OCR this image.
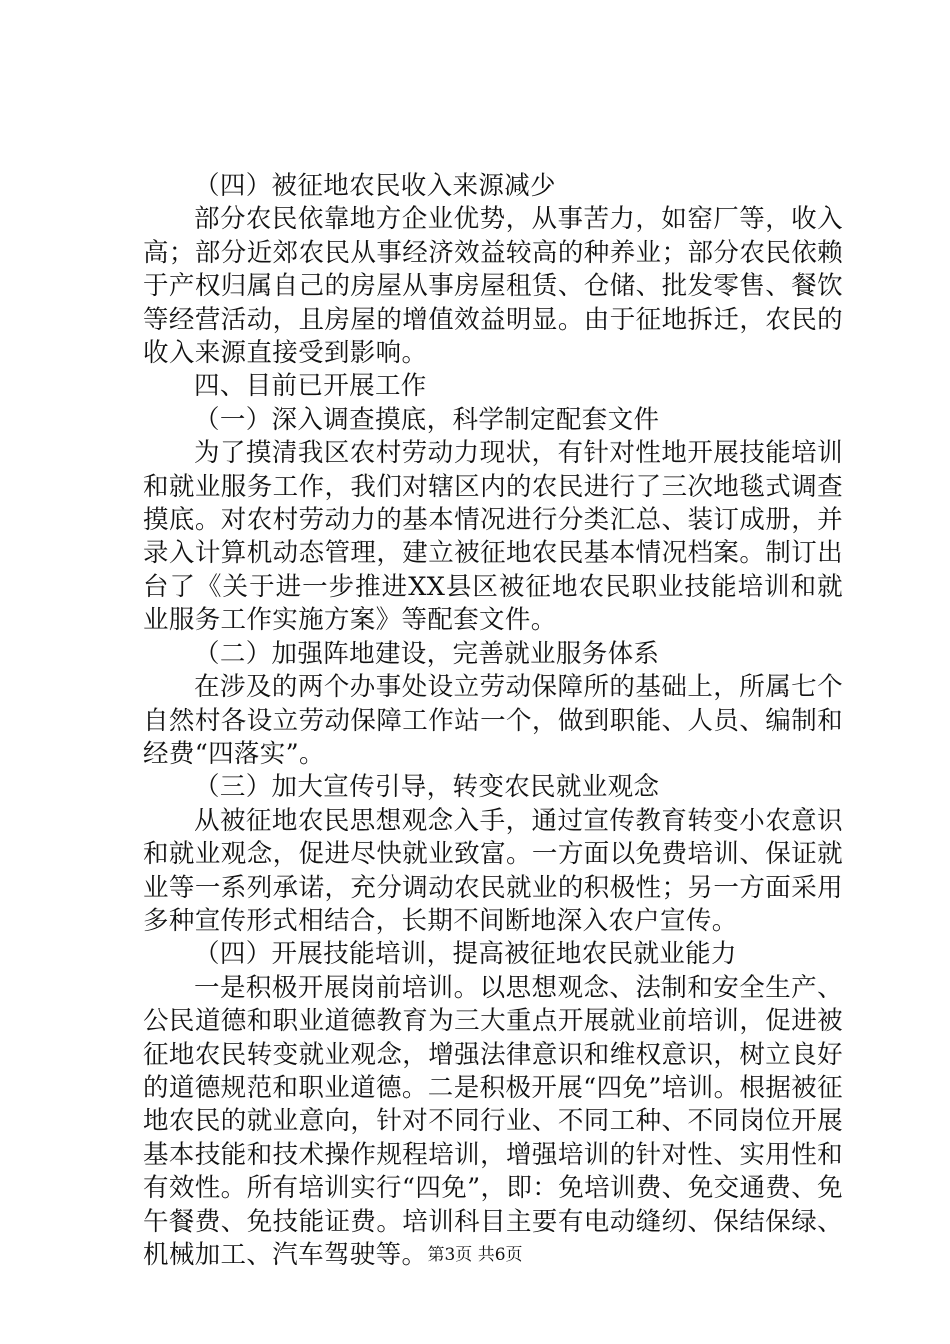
（四）被征地农民收入来源减少

部分农民依靠地方企业优势，从事苦力，如窑厂等，收入高；部分近郊农民从事经济效益较高的种养业；部分农民依赖于产权归属自己的房屋从事房屋租赁、仓储、批发零售、餐饮等经营活动，且房屋的增值效益明显。由于征地拆迁，农民的收入来源直接受到影响。

四、目前已开展工作

（一）深入调查摸底，科学制定配套文件

为了摸清我区农村劳动力现状，有针对性地开展技能培训和就业服务工作，我们对辖区内的农民进行了三次地毯式调查摸底。对农村劳动力的基本情况进行分类汇总、装订成册，并录入计算机动态管理，建立被征地农民基本情况档案。制订出台了《关于进一步推进XX县区被征地农民职业技能培训和就业服务工作实施方案》等配套文件。

（二）加强阵地建设，完善就业服务体系

在涉及的两个办事处设立劳动保障所的基础上，所属七个自然村各设立劳动保障工作站一个，做到职能、人员、编制和经费“四落实”。

（三）加大宣传引导，转变农民就业观念

从被征地农民思想观念入手，通过宣传教育转变小农意识和就业观念，促进尽快就业致富。一方面以免费培训、保证就业等一系列承诺，充分调动农民就业的积极性；另一方面采用多种宣传形式相结合，长期不间断地深入农户宣传。

（四）开展技能培训，提高被征地农民就业能力

一是积极开展岗前培训。以思想观念、法制和安全生产、公民道德和职业道德教育为三大重点开展就业前培训，促进被征地农民转变就业观念，增强法律意识和维权意识，树立良好的道德规范和职业道德。二是积极开展“四免”培训。根据被征地农民的就业意向，针对不同行业、不同工种、不同岗位开展基本技能和技术操作规程培训，增强培训的针对性、实用性和有效性。所有培训实行“四免”，即：免培训费、免交通费、免午餐费、免技能证费。培训科目主要有电动缝纫、保结保绿、机械加工、汽车驾驶等。 第3页 共6页
